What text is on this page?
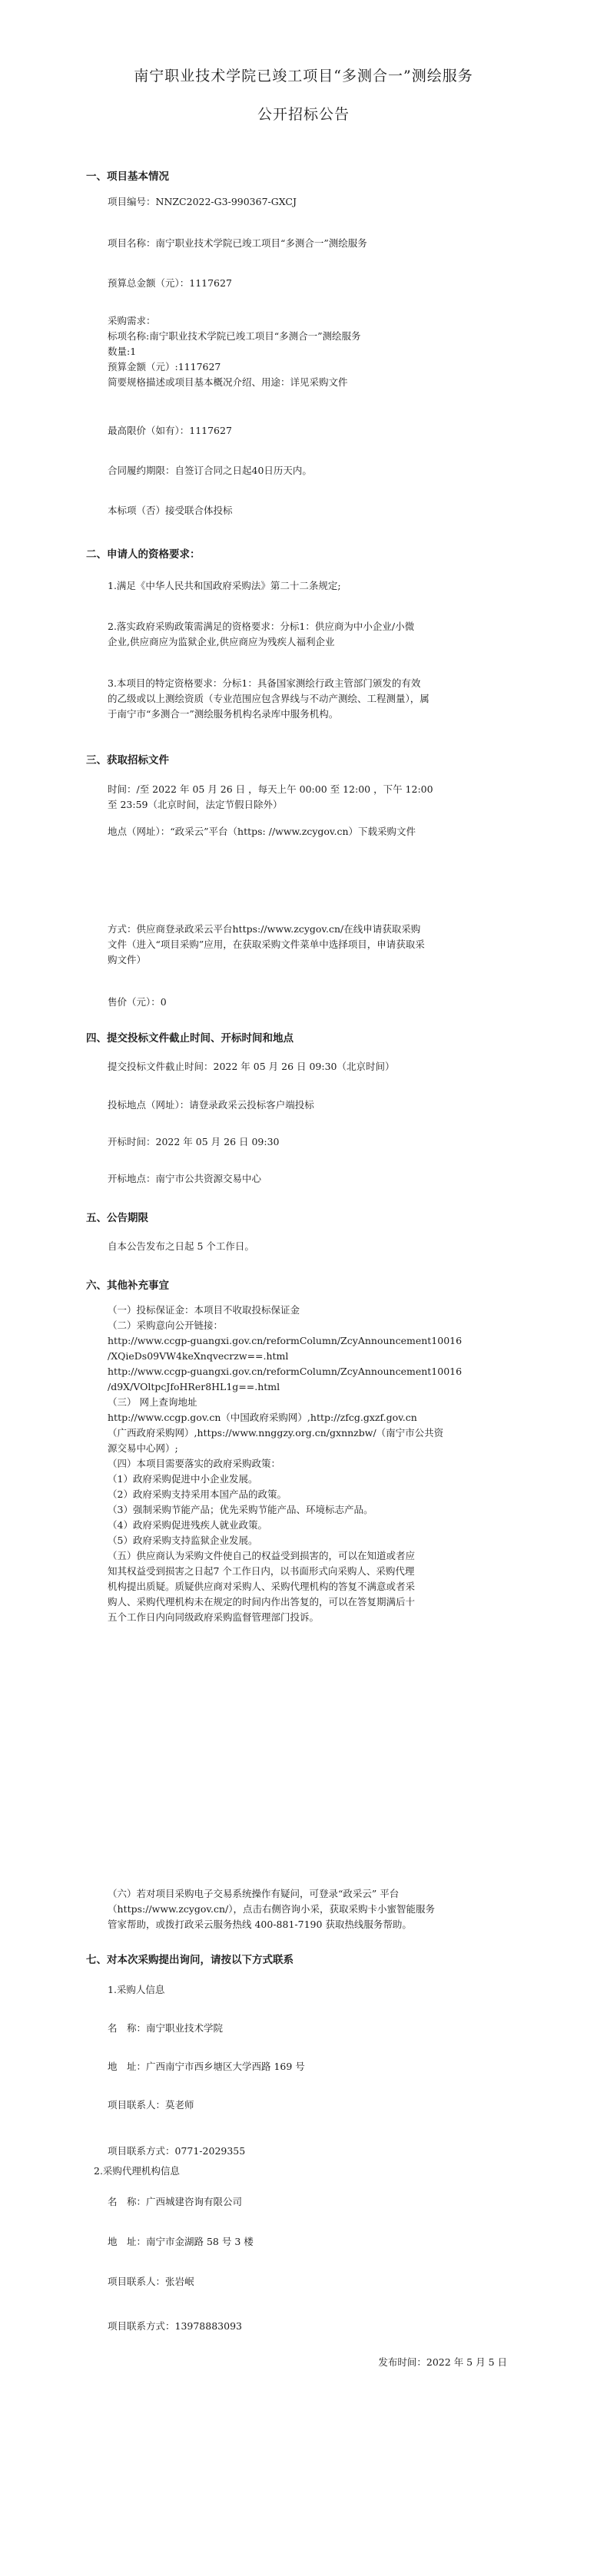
南宁职业技术学院已竣工项目“多测合一”测绘服务
公开招标公告
一、项目基本情况
项目编号：NNZC2022-G3-990367-GXCJ
项目名称：南宁职业技术学院已竣工项目“多测合一”测绘服务
预算总金额（元）：1117627
采购需求：
标项名称:南宁职业技术学院已竣工项目“多测合一”测绘服务
数量:1
预算金额（元）:1117627
简要规格描述或项目基本概况介绍、用途：详见采购文件
最高限价（如有）：1117627
合同履约期限：自签订合同之日起40日历天内。
本标项（否）接受联合体投标
二、申请人的资格要求：
1.满足《中华人民共和国政府采购法》第二十二条规定;
2.落实政府采购政策需满足的资格要求：分标1：供应商为中小企业/小微
企业,供应商应为监狱企业,供应商应为残疾人福利企业
3.本项目的特定资格要求：分标1：具备国家测绘行政主管部门颁发的有效
的乙级或以上测绘资质（专业范围应包含界线与不动产测绘、工程测量），属
于南宁市“多测合一”测绘服务机构名录库中服务机构。
三、获取招标文件
时间：/至 2022 年 05 月 26 日 ，每天上午 00:00 至 12:00 ，下午 12:00
至 23:59（北京时间，法定节假日除外）
地点（网址）：“政采云”平台（https: //www.zcygov.cn）下载采购文件
方式：供应商登录政采云平台https://www.zcygov.cn/在线申请获取采购
文件（进入“项目采购”应用，在获取采购文件菜单中选择项目，申请获取采
购文件）
售价（元）：0
四、提交投标文件截止时间、开标时间和地点
提交投标文件截止时间：2022 年 05 月 26 日 09:30（北京时间）
投标地点（网址）：请登录政采云投标客户端投标
开标时间：2022 年 05 月 26 日 09:30
开标地点：南宁市公共资源交易中心
五、公告期限
自本公告发布之日起 5 个工作日。
六、其他补充事宜
（一）投标保证金：本项目不收取投标保证金
（二）采购意向公开链接：
http://www.ccgp-guangxi.gov.cn/reformColumn/ZcyAnnouncement10016
/XQieDs09VW4keXnqvecrzw==.html
http://www.ccgp-guangxi.gov.cn/reformColumn/ZcyAnnouncement10016
/d9X/VOltpcJfoHRer8HL1g==.html
（三） 网上查询地址
http://www.ccgp.gov.cn（中国政府采购网）,http://zfcg.gxzf.gov.cn
（广西政府采购网）,https://www.nnggzy.org.cn/gxnnzbw/（南宁市公共资
源交易中心网）;
（四）本项目需要落实的政府采购政策：
（1）政府采购促进中小企业发展。
（2）政府采购支持采用本国产品的政策。
（3）强制采购节能产品；优先采购节能产品、环境标志产品。
（4）政府采购促进残疾人就业政策。
（5）政府采购支持监狱企业发展。
（五）供应商认为采购文件使自己的权益受到损害的，可以在知道或者应
知其权益受到损害之日起7 个工作日内，以书面形式向采购人、采购代理
机构提出质疑。质疑供应商对采购人、采购代理机构的答复不满意或者采
购人、采购代理机构未在规定的时间内作出答复的，可以在答复期满后十
五个工作日内向同级政府采购监督管理部门投诉。
（六）若对项目采购电子交易系统操作有疑问，可登录“政采云” 平台
（https://www.zcygov.cn/），点击右侧咨询小采，获取采购卡小蜜智能服务
管家帮助，或拨打政采云服务热线 400-881-7190 获取热线服务帮助。
七、对本次采购提出询问，请按以下方式联系
1.采购人信息
名　称：南宁职业技术学院
地　址：广西南宁市西乡塘区大学西路 169 号
项目联系人：莫老师
项目联系方式：0771-2029355
2.采购代理机构信息
名　称：广西城建咨询有限公司
地　址：南宁市金湖路 58 号 3 楼
项目联系人：张岩岷
项目联系方式：13978883093
发布时间：2022 年 5 月 5 日
